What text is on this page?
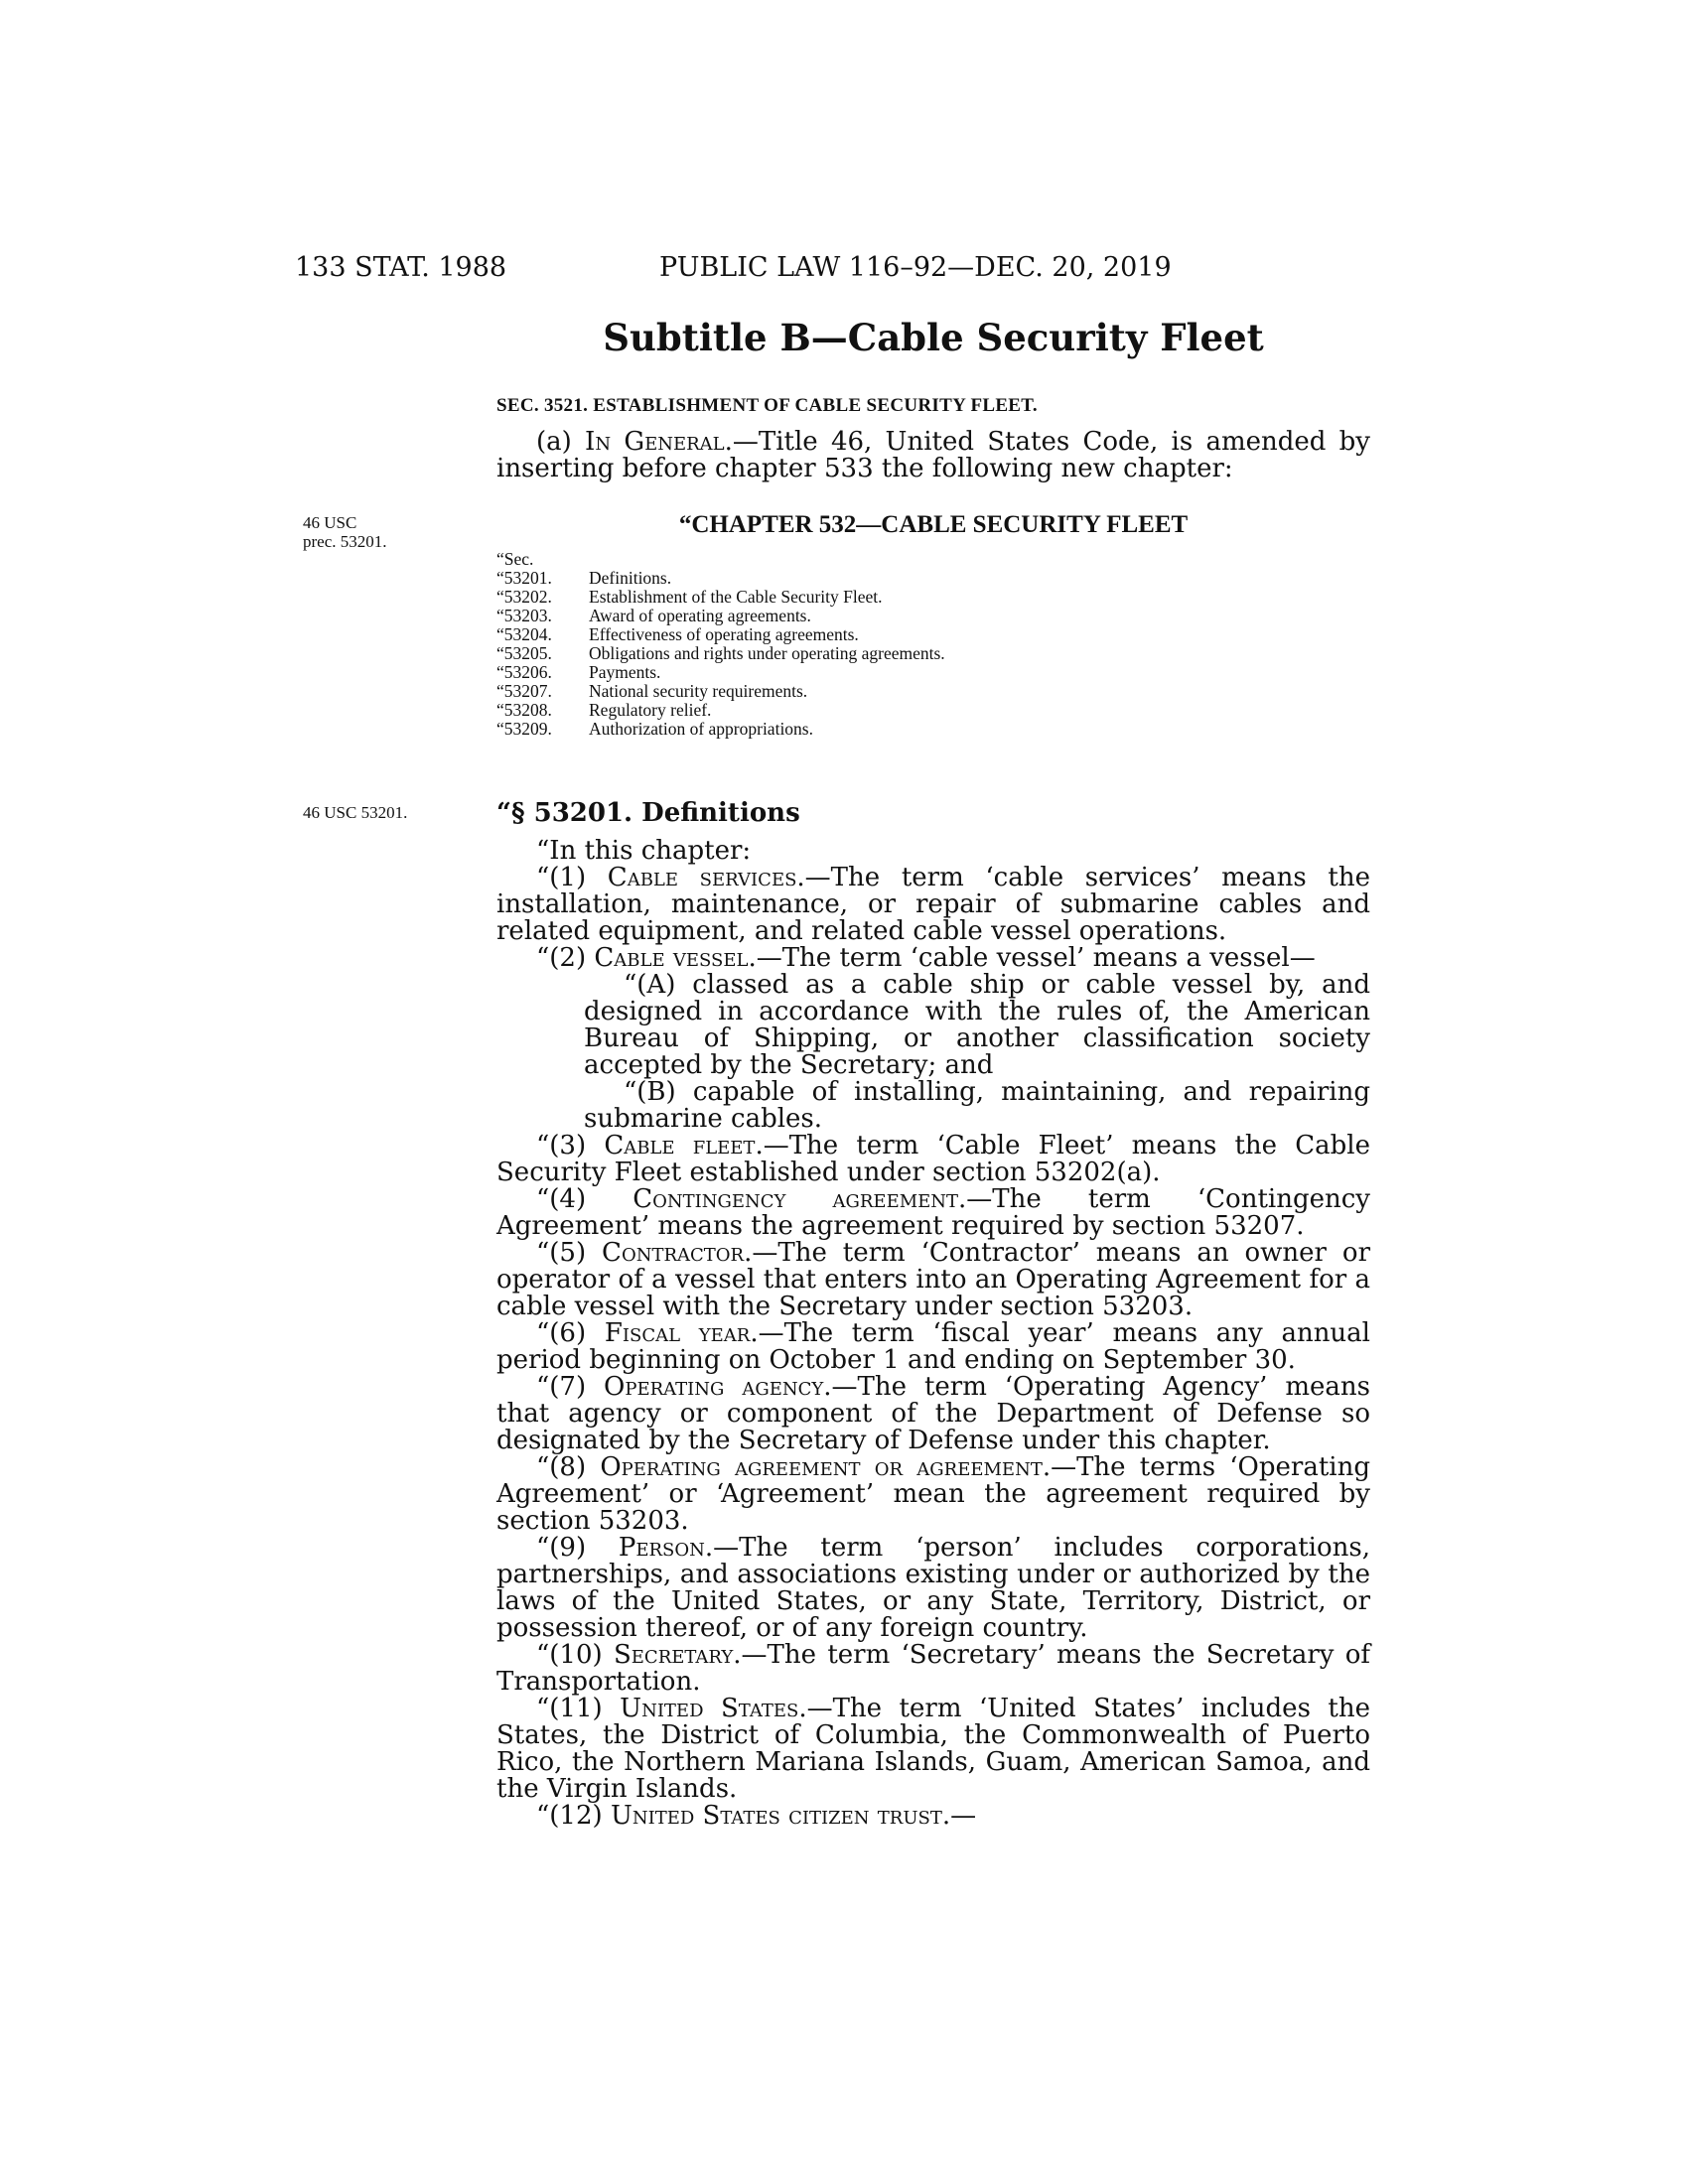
133 STAT. 1988	PUBLIC LAW 116–92—DEC. 20, 2019
Subtitle B—Cable Security Fleet
SEC. 3521. ESTABLISHMENT OF CABLE SECURITY FLEET.
(a) In General.—Title 46, United States Code, is amended by inserting before chapter 533 the following new chapter:
46 USC
prec. 53201.
“CHAPTER 532—CABLE SECURITY FLEET
“Sec.
“53201.	Definitions.
“53202.	Establishment of the Cable Security Fleet.
“53203.	Award of operating agreements.
“53204.	Effectiveness of operating agreements.
“53205.	Obligations and rights under operating agreements.
“53206.	Payments.
“53207.	National security requirements.
“53208.	Regulatory relief.
“53209.	Authorization of appropriations.
46 USC 53201.	“§ 53201. Definitions
“In this chapter:
“(1) Cable services.—The term ‘cable services’ means the installation, maintenance, or repair of submarine cables and related equipment, and related cable vessel operations.
“(2) Cable vessel.—The term ‘cable vessel’ means a vessel—
“(A) classed as a cable ship or cable vessel by, and designed in accordance with the rules of, the American Bureau of Shipping, or another classification society accepted by the Secretary; and
“(B) capable of installing, maintaining, and repairing submarine cables.
“(3) Cable fleet.—The term ‘Cable Fleet’ means the Cable Security Fleet established under section 53202(a).
“(4) Contingency agreement.—The term ‘Contingency Agreement’ means the agreement required by section 53207.
“(5) Contractor.—The term ‘Contractor’ means an owner or operator of a vessel that enters into an Operating Agreement for a cable vessel with the Secretary under section 53203.
“(6) Fiscal year.—The term ‘fiscal year’ means any annual period beginning on October 1 and ending on September 30.
“(7) Operating agency.—The term ‘Operating Agency’ means that agency or component of the Department of Defense so designated by the Secretary of Defense under this chapter.
“(8) Operating agreement or agreement.—The terms ‘Operating Agreement’ or ‘Agreement’ mean the agreement required by section 53203.
“(9) Person.—The term ‘person’ includes corporations, partnerships, and associations existing under or authorized by the laws of the United States, or any State, Territory, District, or possession thereof, or of any foreign country.
“(10) Secretary.—The term ‘Secretary’ means the Secretary of Transportation.
“(11) United States.—The term ‘United States’ includes the States, the District of Columbia, the Commonwealth of Puerto Rico, the Northern Mariana Islands, Guam, American Samoa, and the Virgin Islands.
“(12) United States citizen trust.—
